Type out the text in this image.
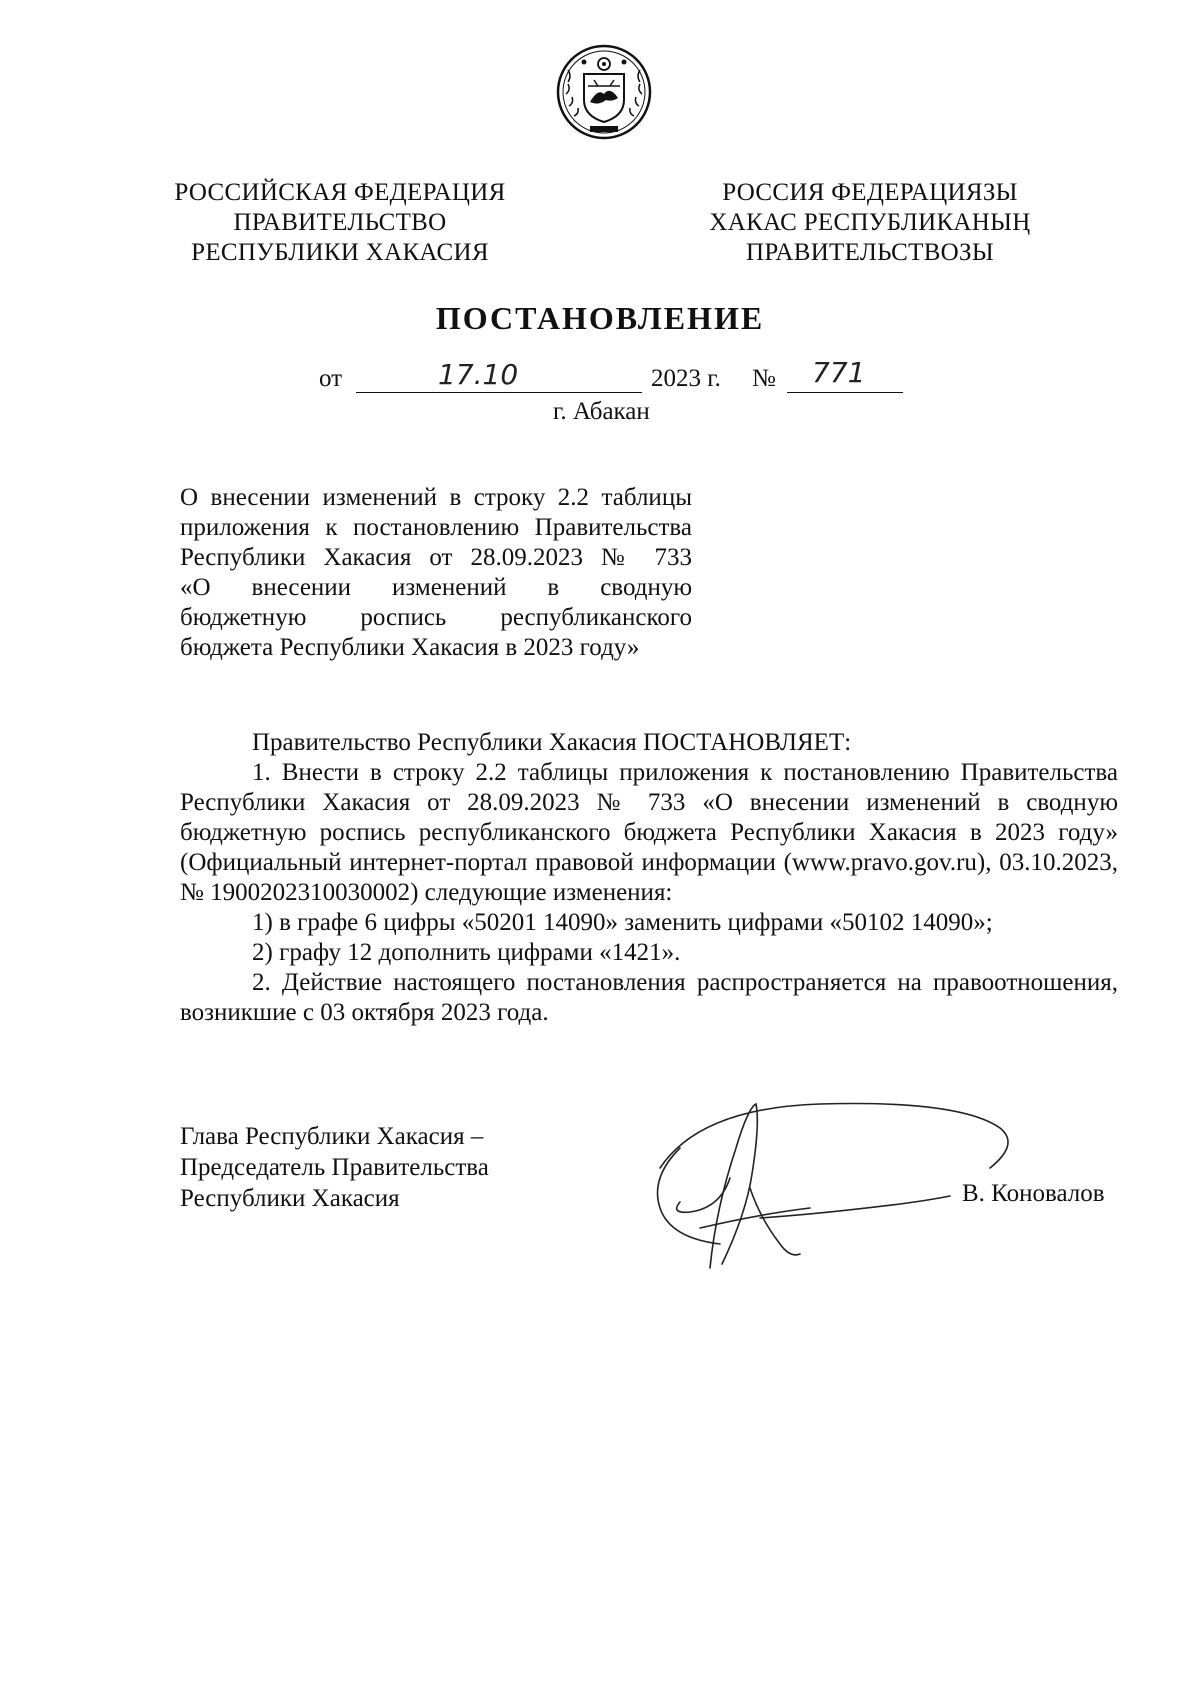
РОССИЙСКАЯ ФЕДЕРАЦИЯ
ПРАВИТЕЛЬСТВО
РЕСПУБЛИКИ ХАКАСИЯ
РОССИЯ ФЕДЕРАЦИЯЗЫ
ХАКАС РЕСПУБЛИКАНЫҢ
ПРАВИТЕЛЬСТВОЗЫ
ПОСТАНОВЛЕНИЕ
от	17.10	2023 г. № 771
г. Абакан
О внесении изменений в строку 2.2 таблицы
приложения к постановлению Правительства
Республики Хакасия от 28.09.2023 № 733
«О внесении изменений в сводную
бюджетную роспись республиканского
бюджета Республики Хакасия в 2023 году»
Правительство Республики Хакасия ПОСТАНОВЛЯЕТ:
1. Внести в строку 2.2 таблицы приложения к постановлению Правительства Республики Хакасия от 28.09.2023 № 733 «О внесении изменений в сводную бюджетную роспись республиканского бюджета Республики Хакасия в 2023 году» (Официальный интернет-портал правовой информации (www.pravo.gov.ru), 03.10.2023, № 1900202310030002) следующие изменения:
1) в графе 6 цифры «50201 14090» заменить цифрами «50102 14090»;
2) графу 12 дополнить цифрами «1421».
2. Действие настоящего постановления распространяется на правоотношения, возникшие с 03 октября 2023 года.
Глава Республики Хакасия –
Председатель Правительства
Республики Хакасия	В. Коновалов
